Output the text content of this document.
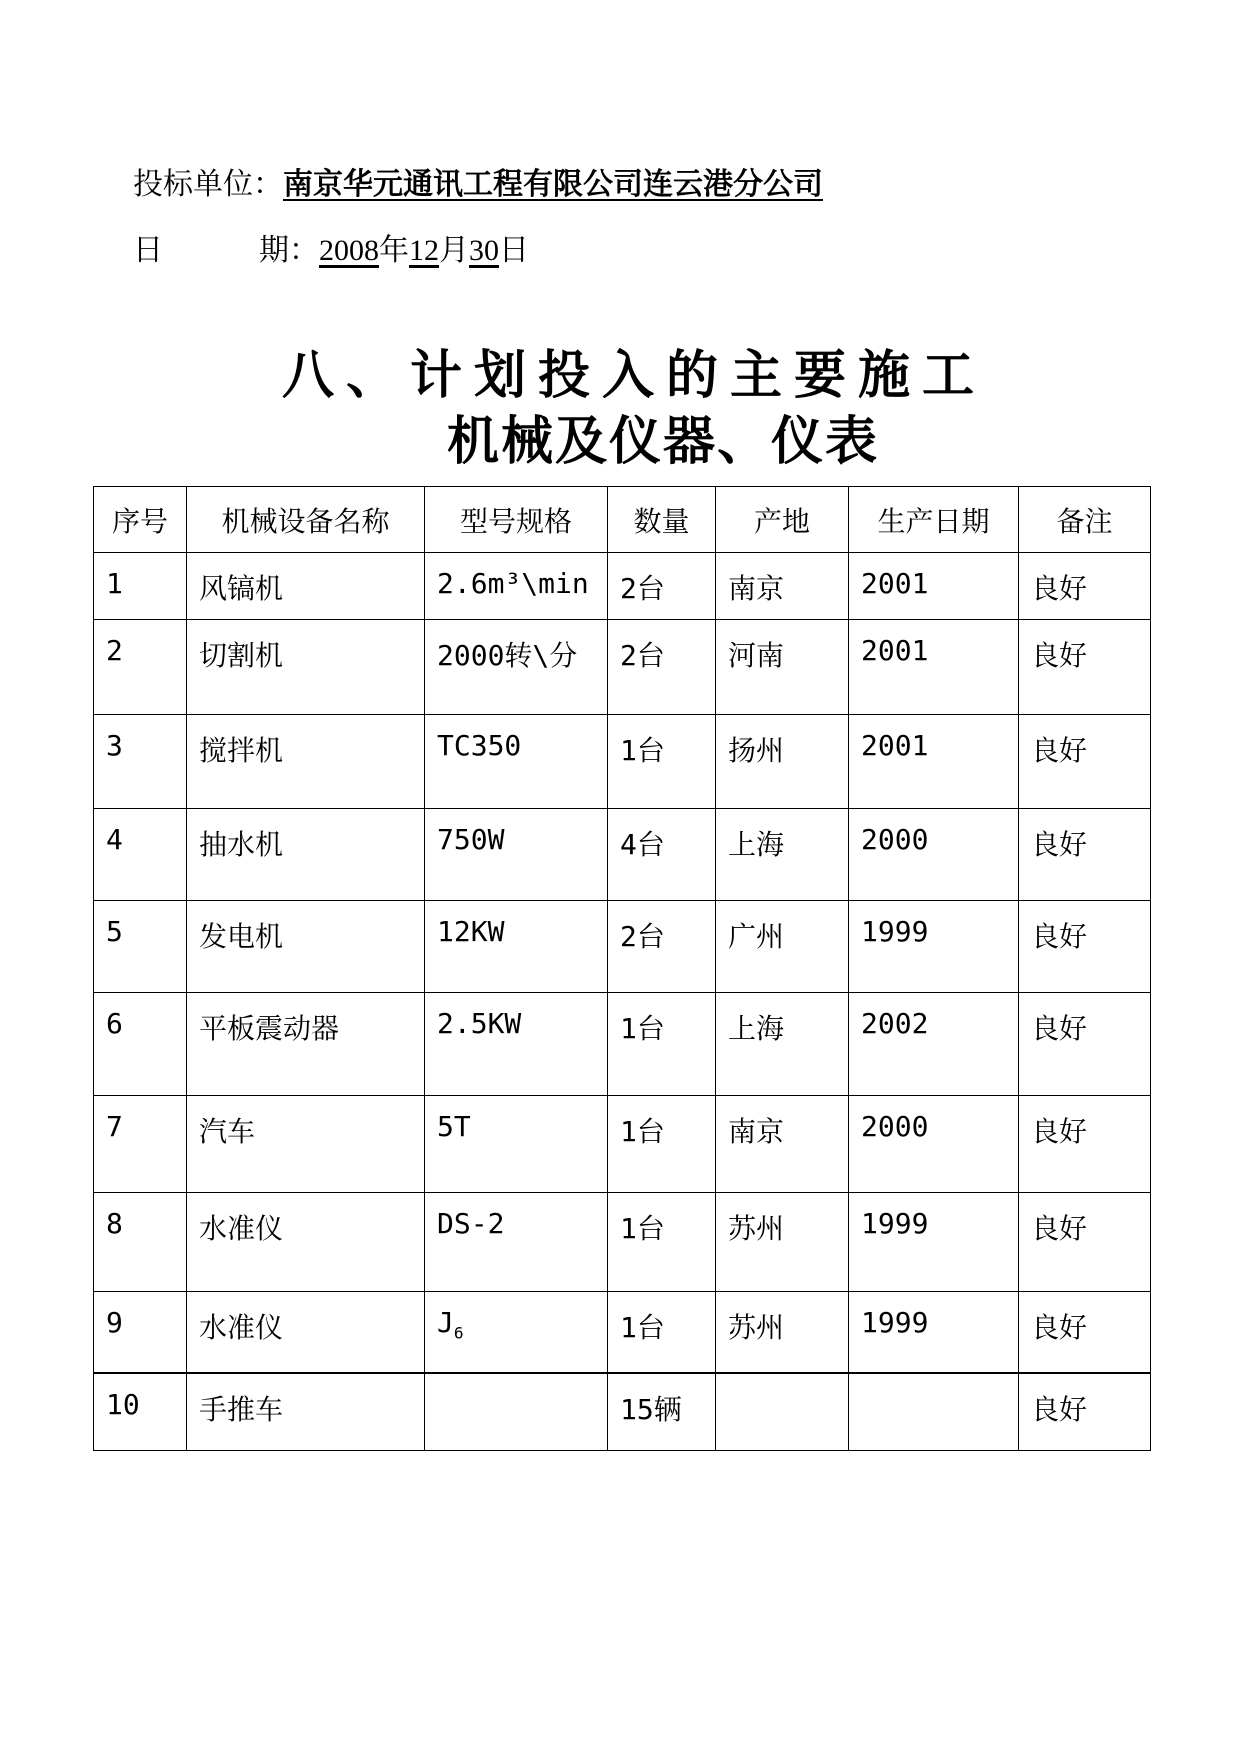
投标单位：南京华元通讯工程有限公司连云港分公司
日	期：2008年12月30日
八、计划投入的主要施工
机械及仪器、仪表
序号	机械设备名称	型号规格	数量	产地	生产日期	备注
1	风镐机	2.6m³\min	2台	南京	2001	良好
2	切割机	2000转\分	2台	河南	2001	良好
3	搅拌机	TC350	1台	扬州	2001	良好
4	抽水机	750W	4台	上海	2000	良好
5	发电机	12KW	2台	广州	1999	良好
6	平板震动器	2.5KW	1台	上海	2002	良好
7	汽车	5T	1台	南京	2000	良好
8	水准仪	DS-2	1台	苏州	1999	良好
9	水准仪	$J_6$	1台	苏州	1999	良好
10	手推车		15辆			良好
